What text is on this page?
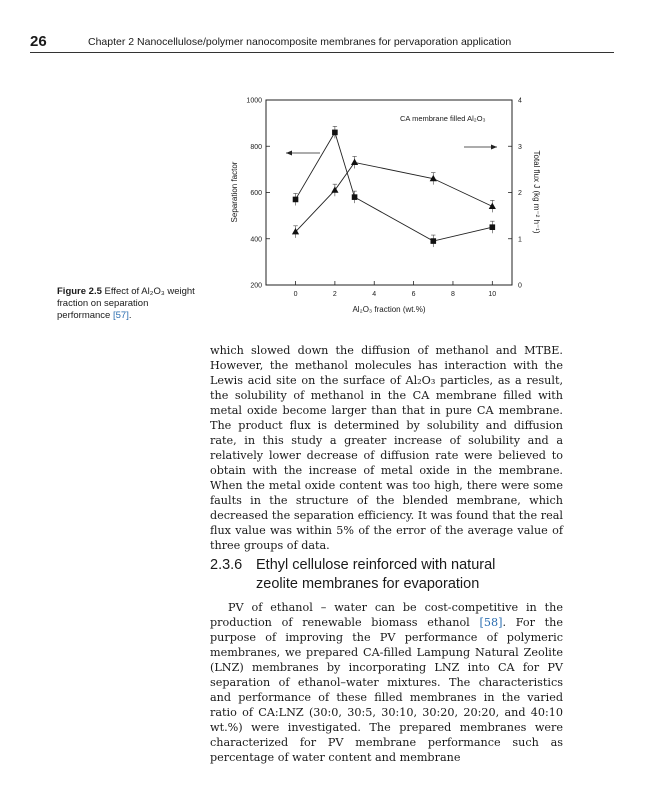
26	Chapter 2 Nanocellulose/polymer nanocomposite membranes for pervaporation application
Figure 2.5 Effect of Al₂O₃ weight fraction on separation performance [57].
0	2	4	6	8	10
200
400
600
800
1000
0
1
2
3
4
CA membrane filled Al₂O₃
Al₂O₃ fraction (wt.%)
Separation factor	Total flux J (kg m⁻² h⁻¹)
which slowed down the diffusion of methanol and MTBE. However, the methanol molecules has interaction with the Lewis acid site on the surface of Al₂O₃ particles, as a result, the solubility of methanol in the CA membrane filled with metal oxide become larger than that in pure CA membrane. The product flux is determined by solubility and diffusion rate, in this study a greater increase of solubility and a relatively lower decrease of diffusion rate were believed to obtain with the increase of metal oxide in the membrane. When the metal oxide content was too high, there were some faults in the structure of the blended membrane, which decreased the separation efficiency. It was found that the real flux value was within 5% of the error of the average value of three groups of data.
2.3.6 Ethyl cellulose reinforced with natural
zeolite membranes for evaporation
PV of ethanol – water can be cost-competitive in the production of renewable biomass ethanol [58]. For the purpose of improving the PV performance of polymeric membranes, we prepared CA-filled Lampung Natural Zeolite (LNZ) membranes by incorporating LNZ into CA for PV separation of ethanol–water mixtures. The characteristics and performance of these filled membranes in the varied ratio of CA:LNZ (30:0, 30:5, 30:10, 30:20, 20:20, and 40:10 wt.%) were investigated. The prepared membranes were characterized for PV membrane performance such as percentage of water content and membrane
